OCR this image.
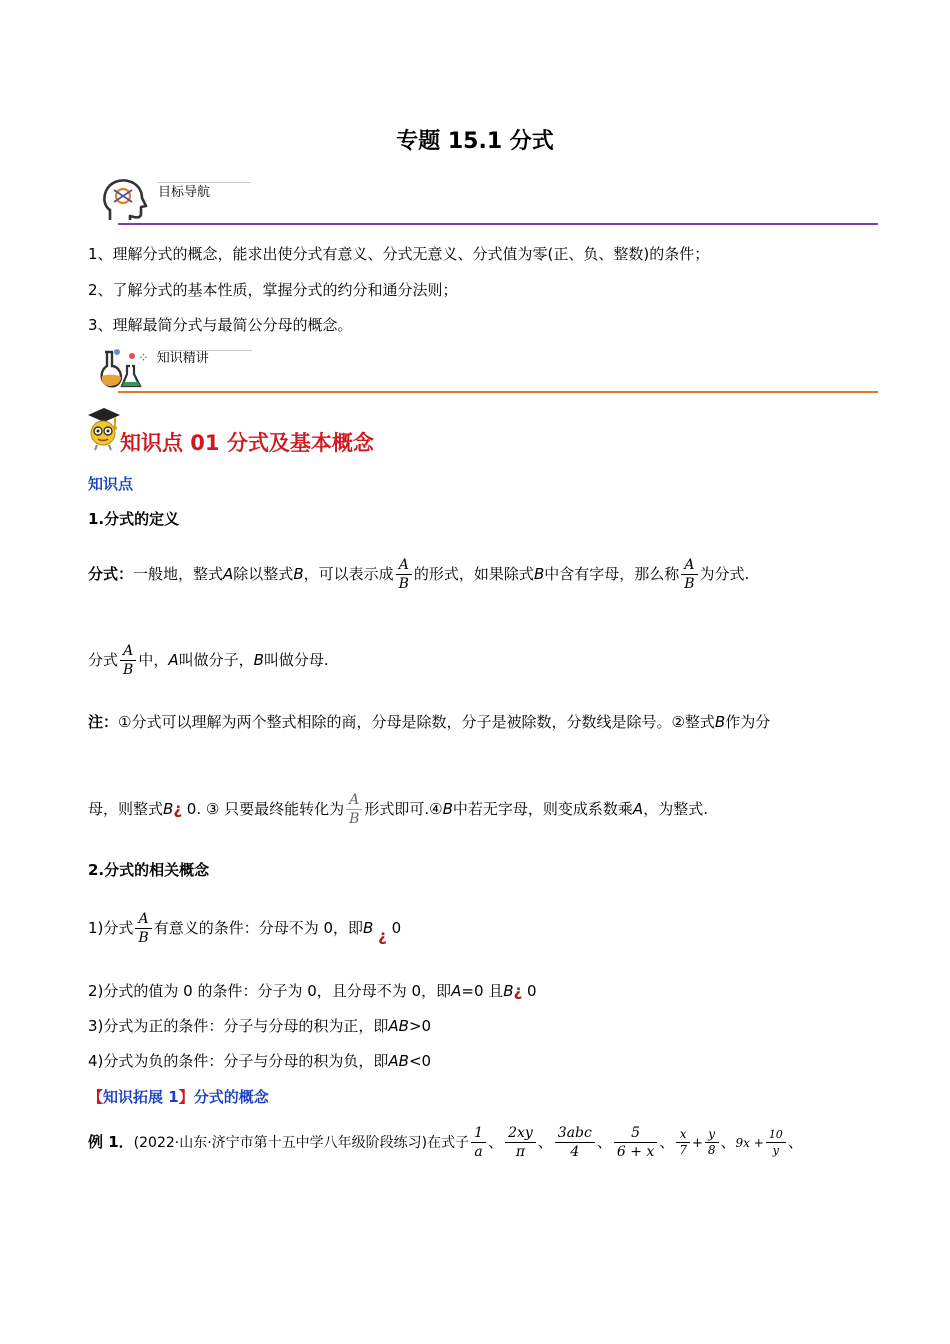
专题 15.1 分式
目标导航
1、理解分式的概念，能求出使分式有意义、分式无意义、分式值为零(正、负、整数)的条件；
2、了解分式的基本性质，掌握分式的约分和通分法则；
3、理解最简分式与最简公分母的概念。
⁘ 知识精讲
知识点 01 分式及基本概念
知识点
1.分式的定义
分式：一般地，整式A除以整式B，可以表示成 $\frac{A}{B}$ 的形式，如果除式B中含有字母，那么称 $\frac{A}{B}$ 为分式.
分式 $\frac{A}{B}$ 中，A叫做分子，B叫做分母.
注：①分式可以理解为两个整式相除的商，分母是除数，分子是被除数，分数线是除号。②整式B作为分
母，则整式B¿ 0. ③ 只要最终能转化为 $\frac{A}{B}$ 形式即可.④B中若无字母，则变成系数乘A，为整式.
2.分式的相关概念
1)分式 $\frac{A}{B}$ 有意义的条件：分母不为 0，即B ¿ 0
2)分式的值为 0 的条件：分子为 0，且分母不为 0，即A=0 且B¿ 0
3)分式为正的条件：分子与分母的积为正，即AB>0
4)分式为负的条件：分子与分母的积为负，即AB<0
【知识拓展 1】分式的概念
例 1．(2022·山东·济宁市第十五中学八年级阶段练习)在式子 $\frac{1}{a}$ 、 $\frac{2xy}{\pi}$ 、 $\frac{\text{3abc}}{4}$ 、 $\frac{5}{6 + x}$ 、 $\frac{x}{7} + \frac{y}{8}$ 、$9x + \frac{10}{y}$ 、
